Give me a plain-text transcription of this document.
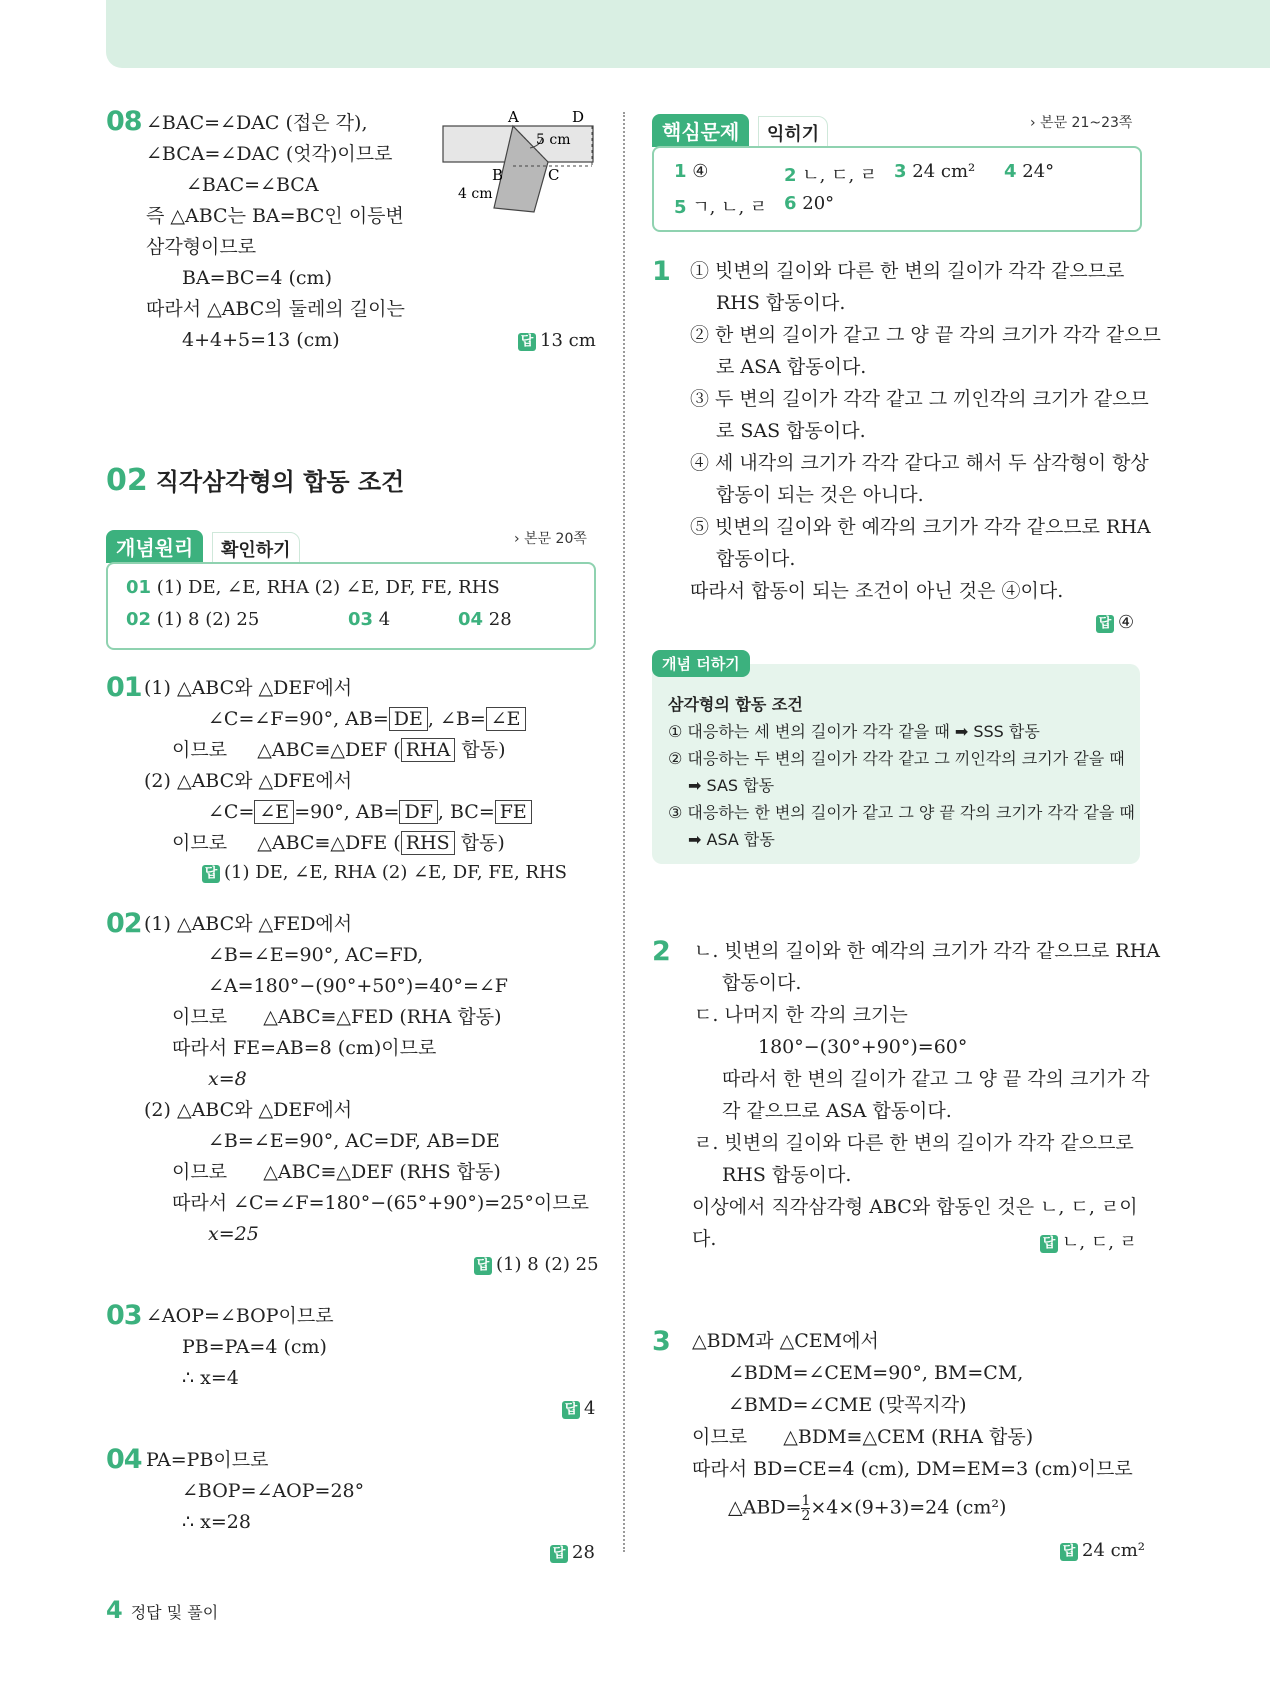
08 ∠BAC=∠DAC (접은 각),
∠BCA=∠DAC (엇각)이므로
∠BAC=∠BCA
즉 △ABC는 BA=BC인 이등변
삼각형이므로
BA=BC=4 (cm)
따라서 △ABC의 둘레의 길이는
4+4+5=13 (cm)	답 13 cm
A	D
B	C
5 cm
4 cm
02 직각삼각형의 합동 조건
개념원리	확인하기
› 본문 20쪽
01 (1) DE, ∠E, RHA (2) ∠E, DF, FE, RHS
02 (1) 8 (2) 25	03 4	04 28
01 (1) △ABC와 △DEF에서
∠C=∠F=90°, AB= DE , ∠B= ∠E
이므로 △ABC≡△DEF ( RHA 합동)
(2) △ABC와 △DFE에서
∠C= ∠E =90°, AB= DF , BC= FE
이므로 △ABC≡△DFE ( RHS 합동)
답 (1) DE, ∠E, RHA (2) ∠E, DF, FE, RHS
02 (1) △ABC와 △FED에서
∠B=∠E=90°, AC=FD,
∠A=180°−(90°+50°)=40°=∠F
이므로      △ABC≡△FED (RHA 합동)
따라서 FE=AB=8 (cm)이므로
x=8
(2) △ABC와 △DEF에서
∠B=∠E=90°, AC=DF, AB=DE
이므로      △ABC≡△DEF (RHS 합동)
따라서 ∠C=∠F=180°−(65°+90°)=25°이므로
x=25
답 (1) 8 (2) 25
03 ∠AOP=∠BOP이므로
PB=PA=4 (cm)
∴ x=4
답 4
04 PA=PB이므로
∠BOP=∠AOP=28°
∴ x=28
답 28
핵심문제	익히기
› 본문 21~23쪽
1 ④	2 ㄴ, ㄷ, ㄹ 3 24 cm² 4 24°
5 ㄱ, ㄴ, ㄹ 6 20°
1 ① 빗변의 길이와 다른 한 변의 길이가 각각 같으므로
RHS 합동이다.
② 한 변의 길이가 같고 그 양 끝 각의 크기가 각각 같으므
로 ASA 합동이다.
③ 두 변의 길이가 각각 같고 그 끼인각의 크기가 같으므
로 SAS 합동이다.
④ 세 내각의 크기가 각각 같다고 해서 두 삼각형이 항상
합동이 되는 것은 아니다.
⑤ 빗변의 길이와 한 예각의 크기가 각각 같으므로 RHA
합동이다.
따라서 합동이 되는 조건이 아닌 것은 ④이다.
답 ④
개념 더하기
삼각형의 합동 조건
① 대응하는 세 변의 길이가 각각 같을 때 ➡ SSS 합동
② 대응하는 두 변의 길이가 각각 같고 그 끼인각의 크기가 같을 때
➡ SAS 합동
③ 대응하는 한 변의 길이가 같고 그 양 끝 각의 크기가 각각 같을 때
➡ ASA 합동
2 ㄴ. 빗변의 길이와 한 예각의 크기가 각각 같으므로 RHA
합동이다.
ㄷ. 나머지 한 각의 크기는
180°−(30°+90°)=60°
따라서 한 변의 길이가 같고 그 양 끝 각의 크기가 각
각 같으므로 ASA 합동이다.
ㄹ. 빗변의 길이와 다른 한 변의 길이가 각각 같으므로
RHS 합동이다.
이상에서 직각삼각형 ABC와 합동인 것은 ㄴ, ㄷ, ㄹ이
다.	답 ㄴ, ㄷ, ㄹ
3 △BDM과 △CEM에서
∠BDM=∠CEM=90°, BM=CM,
∠BMD=∠CME (맞꼭지각)
이므로      △BDM≡△CEM (RHA 합동)
따라서 BD=CE=4 (cm), DM=EM=3 (cm)이므로
△ABD= $\frac{1}{2} \times 4\times(9+3)=24$ (cm²)
답 24 cm²
4 정답 및 풀이
